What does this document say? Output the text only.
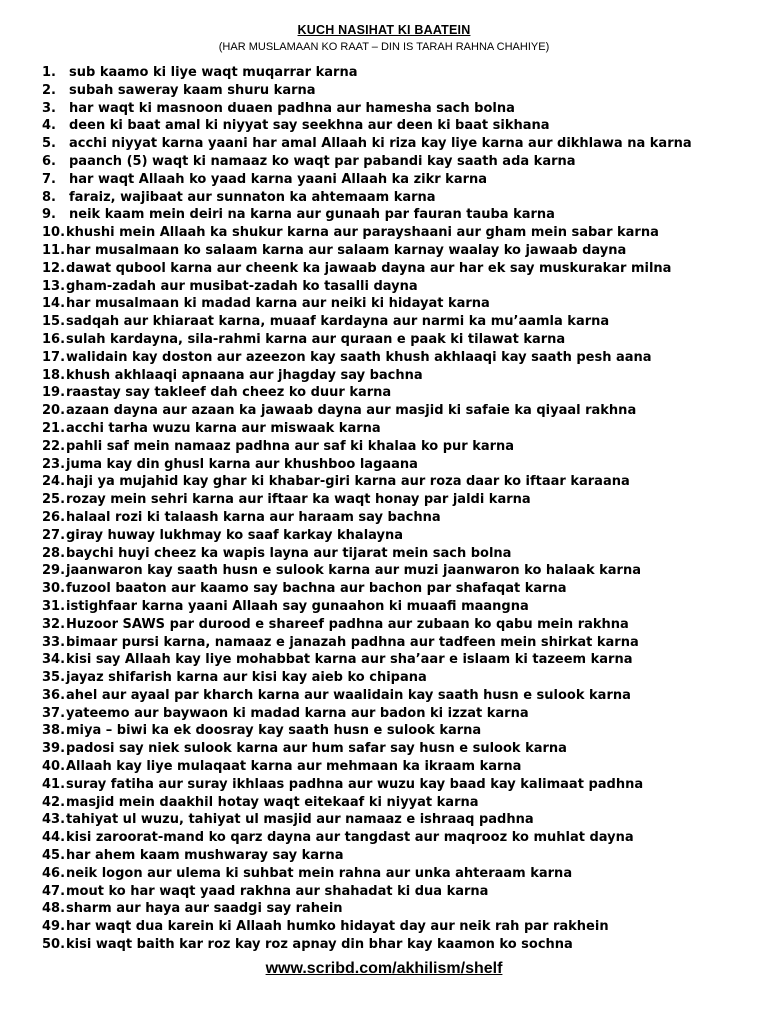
KUCH NASIHAT KI BAATEIN
(HAR MUSLAMAAN KO RAAT – DIN IS TARAH RAHNA CHAHIYE)
1.	sub kaamo ki liye waqt muqarrar karna
2.	subah saweray kaam shuru karna
3.	har waqt ki masnoon duaen padhna aur hamesha sach bolna
4.	deen ki baat amal ki niyyat say seekhna aur deen ki baat sikhana
5.	acchi niyyat karna yaani har amal Allaah ki riza kay liye karna aur dikhlawa na karna
6.	paanch (5) waqt ki namaaz ko waqt par pabandi kay saath ada karna
7.	har waqt Allaah ko yaad karna yaani Allaah ka zikr karna
8.	faraiz, wajibaat aur sunnaton ka ahtemaam karna
9.	neik kaam mein deiri na karna aur gunaah par fauran tauba karna
10. khushi mein Allaah ka shukur karna aur parayshaani aur gham mein sabar karna
11. har musalmaan ko salaam karna aur salaam karnay waalay ko jawaab dayna
12. dawat qubool karna aur cheenk ka jawaab dayna aur har ek say muskurakar milna
13. gham-zadah aur musibat-zadah ko tasalli dayna
14. har musalmaan ki madad karna aur neiki ki hidayat karna
15. sadqah aur khiaraat karna, muaaf kardayna aur narmi ka mu’aamla karna
16. sulah kardayna, sila-rahmi karna aur quraan e paak ki tilawat karna
17. walidain kay doston aur azeezon kay saath khush akhlaaqi kay saath pesh aana
18. khush akhlaaqi apnaana aur jhagday say bachna
19. raastay say takleef dah cheez ko duur karna
20. azaan dayna aur azaan ka jawaab dayna aur masjid ki safaie ka qiyaal rakhna
21. acchi tarha wuzu karna aur miswaak karna
22. pahli saf mein namaaz padhna aur saf ki khalaa ko pur karna
23. juma kay din ghusl karna aur khushboo lagaana
24. haji ya mujahid kay ghar ki khabar-giri karna aur roza daar ko iftaar karaana
25. rozay mein sehri karna aur iftaar ka waqt honay par jaldi karna
26. halaal rozi ki talaash karna aur haraam say bachna
27. giray huway lukhmay ko saaf karkay khalayna
28. baychi huyi cheez ka wapis layna aur tijarat mein sach bolna
29. jaanwaron kay saath husn e sulook karna aur muzi jaanwaron ko halaak karna
30. fuzool baaton aur kaamo say bachna aur bachon par shafaqat karna
31. istighfaar karna yaani Allaah say gunaahon ki muaafi maangna
32. Huzoor SAWS par durood e shareef padhna aur zubaan ko qabu mein rakhna
33. bimaar pursi karna, namaaz e janazah padhna aur tadfeen mein shirkat karna
34. kisi say Allaah kay liye mohabbat karna aur sha’aar e islaam ki tazeem karna
35. jayaz shifarish karna aur kisi kay aieb ko chipana
36. ahel aur ayaal par kharch karna aur waalidain kay saath husn e sulook karna
37. yateemo aur baywaon ki madad karna aur badon ki izzat karna
38. miya – biwi ka ek doosray kay saath husn e sulook karna
39. padosi say niek sulook karna aur hum safar say husn e sulook karna
40. Allaah kay liye mulaqaat karna aur mehmaan ka ikraam karna
41. suray fatiha aur suray ikhlaas padhna aur wuzu kay baad kay kalimaat padhna
42. masjid mein daakhil hotay waqt eitekaaf ki niyyat karna
43. tahiyat ul wuzu, tahiyat ul masjid aur namaaz e ishraaq padhna
44. kisi zaroorat-mand ko qarz dayna aur tangdast aur maqrooz ko muhlat dayna
45. har ahem kaam mushwaray say karna
46. neik logon aur ulema ki suhbat mein rahna aur unka ahteraam karna
47. mout ko har waqt yaad rakhna aur shahadat ki dua karna
48. sharm aur haya aur saadgi say rahein
49. har waqt dua karein ki Allaah humko hidayat day aur neik rah par rakhein
50. kisi waqt baith kar roz kay roz apnay din bhar kay kaamon ko sochna
www.scribd.com/akhilism/shelf
